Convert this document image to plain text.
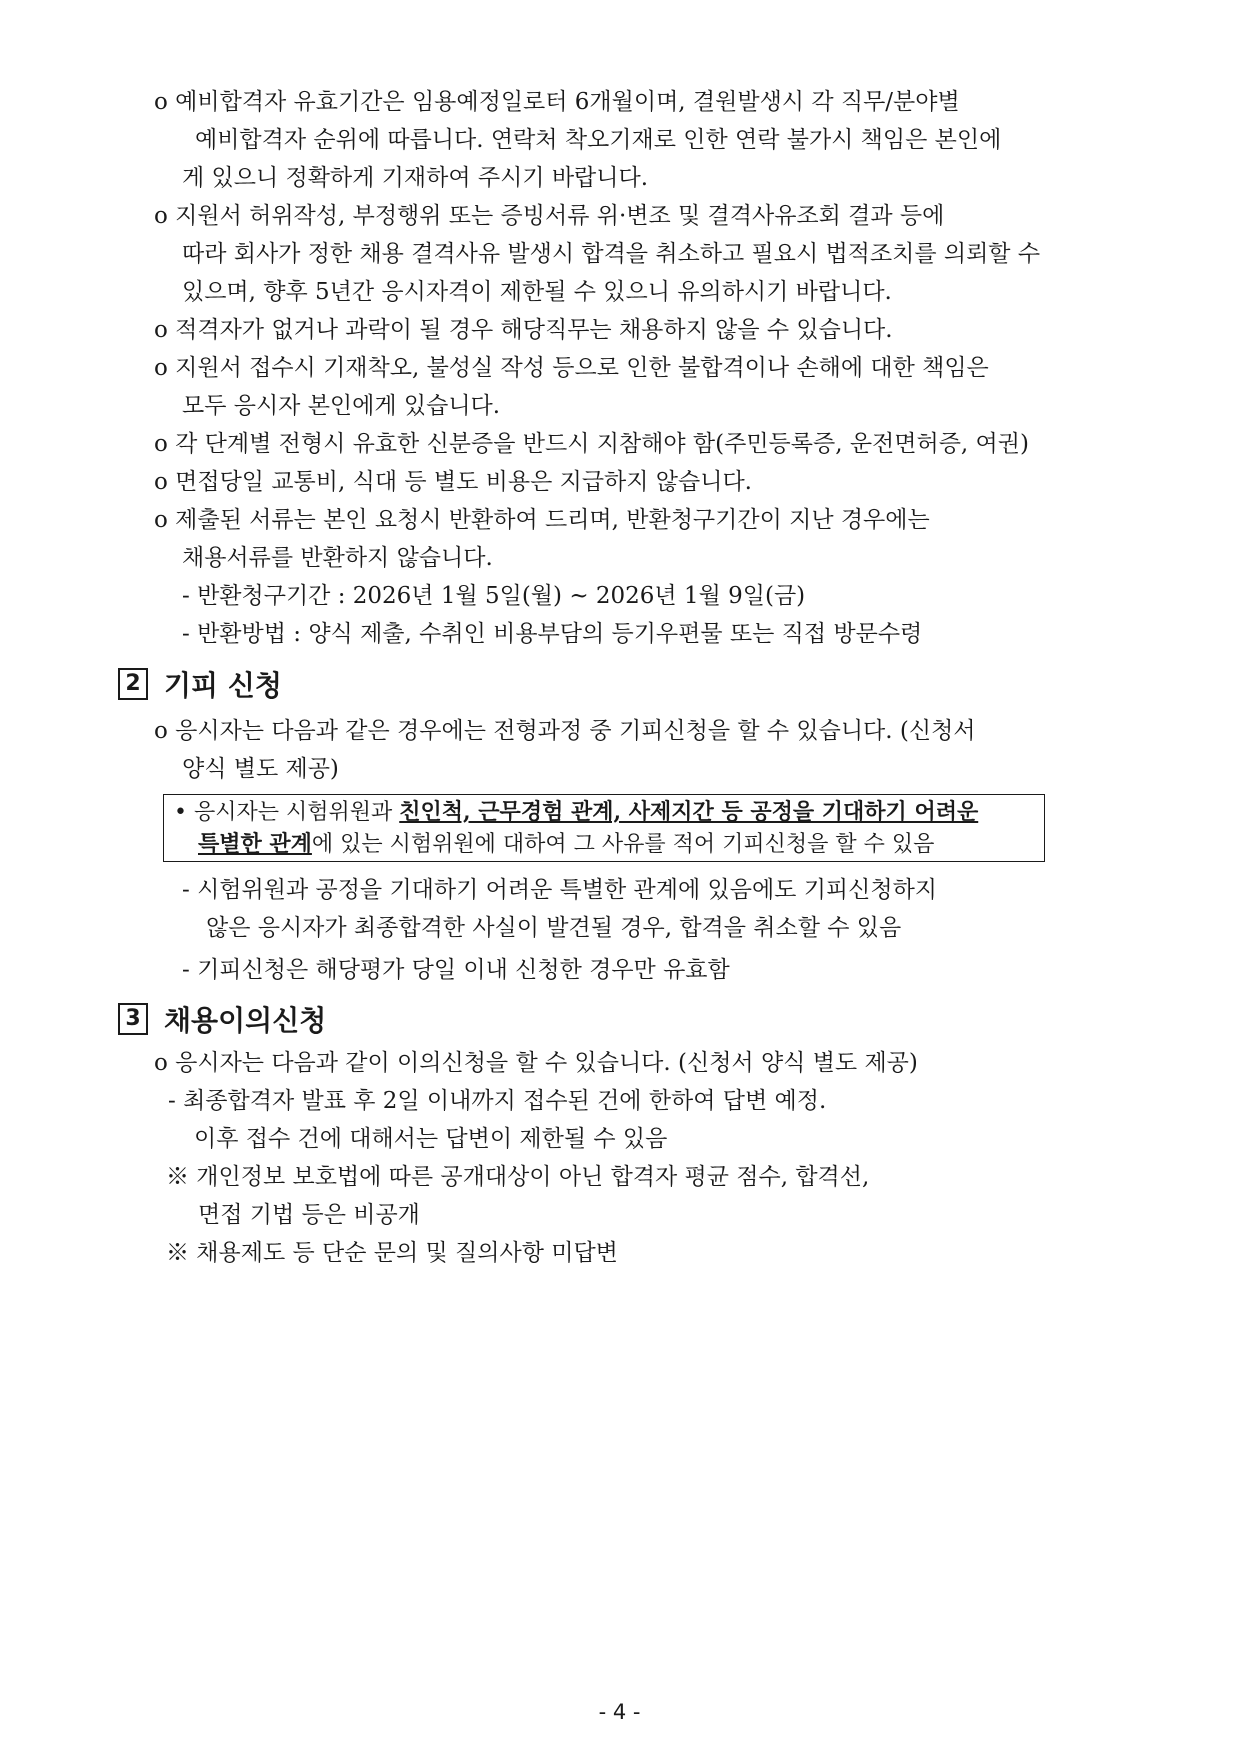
o 예비합격자 유효기간은 임용예정일로터 6개월이며, 결원발생시 각 직무/분야별
예비합격자 순위에 따릅니다. 연락처 착오기재로 인한 연락 불가시 책임은 본인에
게 있으니 정확하게 기재하여 주시기 바랍니다.
o 지원서 허위작성, 부정행위 또는 증빙서류 위·변조 및 결격사유조회 결과 등에
따라 회사가 정한 채용 결격사유 발생시 합격을 취소하고 필요시 법적조치를 의뢰할 수
있으며, 향후 5년간 응시자격이 제한될 수 있으니 유의하시기 바랍니다.
o 적격자가 없거나 과락이 될 경우 해당직무는 채용하지 않을 수 있습니다.
o 지원서 접수시 기재착오, 불성실 작성 등으로 인한 불합격이나 손해에 대한 책임은
모두 응시자 본인에게 있습니다.
o 각 단계별 전형시 유효한 신분증을 반드시 지참해야 함(주민등록증, 운전면허증, 여권)
o 면접당일 교통비, 식대 등 별도 비용은 지급하지 않습니다.
o 제출된 서류는 본인 요청시 반환하여 드리며, 반환청구기간이 지난 경우에는
채용서류를 반환하지 않습니다.
- 반환청구기간 : 2026년 1월 5일(월) ~ 2026년 1월 9일(금)
- 반환방법 : 양식 제출, 수취인 비용부담의 등기우편물 또는 직접 방문수령
2 기피 신청
o 응시자는 다음과 같은 경우에는 전형과정 중 기피신청을 할 수 있습니다. (신청서
양식 별도 제공)
• 응시자는 시험위원과 친인척, 근무경험 관계, 사제지간 등 공정을 기대하기 어려운
특별한 관계에 있는 시험위원에 대하여 그 사유를 적어 기피신청을 할 수 있음
- 시험위원과 공정을 기대하기 어려운 특별한 관계에 있음에도 기피신청하지
않은 응시자가 최종합격한 사실이 발견될 경우, 합격을 취소할 수 있음
- 기피신청은 해당평가 당일 이내 신청한 경우만 유효함
3 채용이의신청
o 응시자는 다음과 같이 이의신청을 할 수 있습니다. (신청서 양식 별도 제공)
- 최종합격자 발표 후 2일 이내까지 접수된 건에 한하여 답변 예정.
이후 접수 건에 대해서는 답변이 제한될 수 있음
※ 개인정보 보호법에 따른 공개대상이 아닌 합격자 평균 점수, 합격선,
면접 기법 등은 비공개
※ 채용제도 등 단순 문의 및 질의사항 미답변
- 4 -
